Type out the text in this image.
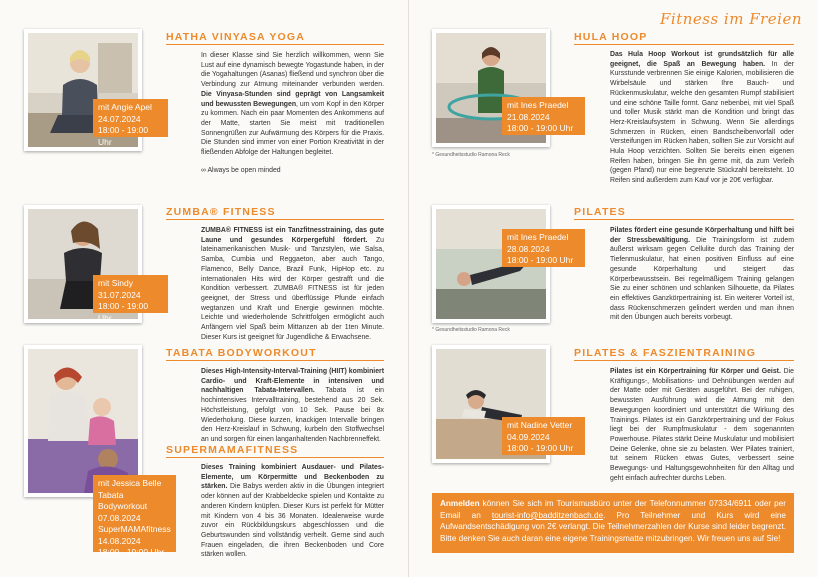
mit Angie Apel
24.07.2024
18:00 - 19:00 Uhr
HATHA VINYASA YOGA
In dieser Klasse sind Sie herzlich willkommen, wenn Sie Lust auf eine dynamisch bewegte Yogastunde haben, in der die Yogahaltungen (Asanas) fließend und synchron über die Verbindung zur Atmung miteinander verbunden werden. Die Vinyasa-Stunden sind geprägt von Langsamkeit und bewussten Bewegungen, um vom Kopf in den Körper zu kommen. Nach ein paar Momenten des Ankommens auf der Matte, starten Sie meist mit traditionellen Sonnengrüßen zur Aufwärmung des Körpers für die Praxis. Die Stunden sind immer von einer Portion Kreativität in der fließenden Abfolge der Haltungen begleitet.
∞ Always be open minded
mit Sindy
31.07.2024
18:00 - 19:00 Uhr
ZUMBA® FITNESS
ZUMBA® FITNESS ist ein Tanzfitnesstraining, das gute Laune und gesundes Körpergefühl fördert. Zu lateinamerikanischen Musik- und Tanzstylen, wie Salsa, Samba, Cumbia und Reggaeton, aber auch Tango, Flamenco, Belly Dance, Brazil Funk, HipHop etc. zu internationalen Hits wird der Körper gestrafft und die Kondition verbessert. ZUMBA® FITNESS ist für jeden geeignet, der Stress und überflüssige Pfunde einfach wegtanzen und Kraft und Energie gewinnen möchte. Leichte und wiederholende Schrittfolgen ermöglicht auch Anfängern viel Spaß beim Mittanzen ab der 1ten Minute. Dieser Kurs ist geeignet für Jugendliche & Erwachsene.
mit Jessica Belle
Tabata Bodyworkout
07.08.2024
SuperMAMAfitness
14.08.2024
18:00 - 19:00 Uhr
TABATA BODYWORKOUT
Dieses High-Intensity-Interval-Training (HIIT) kombiniert Cardio- und Kraft-Elemente in intensiven und nachhaltigen Tabata-Intervallen. Tabata ist ein hochintensives Intervalltraining, bestehend aus 20 Sek. Höchstleistung, gefolgt von 10 Sek. Pause bei 8x Wiederholung. Diese kurzen, knackigen Intervalle bringen den Herz-Kreislauf in Schwung, kurbeln den Stoffwechsel an und sorgen für einen langanhaltenden Nachbrenneffekt.
SUPERMAMAFITNESS
Dieses Training kombiniert Ausdauer- und Pilates-Elemente, um Körpermitte und Beckenboden zu stärken. Die Babys werden aktiv in die Übungen integriert oder können auf der Krabbeldecke spielen und Kontakte zu anderen Kindern knüpfen. Dieser Kurs ist perfekt für Mütter mit Kindern von 4 bis 36 Monaten. Idealerweise wurde zuvor ein Rückbildungskurs abgeschlossen und die Geburtswunden sind vollständig verheilt. Gerne sind auch Frauen eingeladen, die ihren Beckenboden und Core stärken wollen.
Fitness im Freien
mit Ines Praedel
21.08.2024
18:00 - 19:00 Uhr
* Gesundheitsstudio Ramona Reck
HULA HOOP
Das Hula Hoop Workout ist grundsätzlich für alle geeignet, die Spaß an Bewegung haben. In der Kursstunde verbrennen Sie einige Kalorien, mobilisieren die Wirbelsäule und stärken Ihre Bauch- und Rückenmuskulatur, welche den gesamten Rumpf stabilisiert und eine schöne Taille formt. Ganz nebenbei, mit viel Spaß und toller Musik stärkt man die Kondition und bringt das Herz-Kreislaufsystem in Schwung. Wenn Sie allerdings Schmerzen in Rücken, einen Bandscheibenvorfall oder Versteifungen im Rücken haben, sollten Sie zur Vorsicht auf Hula Hoop verzichten. Sollten Sie bereits einen eigenen Reifen haben, bringen Sie ihn gerne mit, da zum Verleih (gegen Pfand) nur eine begrenzte Stückzahl bereitsteht. 10 Reifen sind außerdem zum Kauf vor je 20€ verfügbar.
mit Ines Praedel
28.08.2024
18:00 - 19:00 Uhr
* Gesundheitsstudio Ramona Reck
PILATES
Pilates fördert eine gesunde Körperhaltung und hilft bei der Stressbewältigung. Die Trainingsform ist zudem äußerst wirksam gegen Cellulite durch das Training der Tiefenmuskulatur, hat einen positiven Einfluss auf eine gesunde Körperhaltung und steigert das Körperbewusstsein. Bei regelmäßigem Training gelangen Sie zu einer schönen und schlanken Silhouette, da Pilates ein effektives Ganzkörpertraining ist. Ein weiterer Vorteil ist, dass Rückenschmerzen gelindert werden und man ihnen mit den Übungen auch bereits vorbeugt.
mit Nadine Vetter
04.09.2024
18:00 - 19:00 Uhr
PILATES & FASZIENTRAINING
Pilates ist ein Körpertraining für Körper und Geist. Die Kräftigungs-, Mobilisations- und Dehnübungen werden auf der Matte oder mit Geräten ausgeführt. Bei der ruhigen, bewussten Ausführung wird die Atmung mit den Bewegungen koordiniert und unterstützt die Wirkung des Trainings. Pilates ist ein Ganzkörpertraining und der Fokus liegt bei der Rumpfmuskulatur - dem sogenannten Powerhouse. Pilates stärkt Deine Muskulatur und mobilisiert Deine Gelenke, ohne sie zu belasten. Wer Pilates trainiert, tut seinem Rücken etwas Gutes, verbessert seine Bewegungs- und Haltungsgewohnheiten für den Alltag und geht einfach aufrechter durchs Leben.
Anmelden können Sie sich im Tourismusbüro unter der Telefonnummer 07334/6911 oder per Email an tourist-info@badditzenbach.de. Pro Teilnehmer und Kurs wird eine Aufwandsentschädigung von 2€ verlangt. Die Teilnehmerzahlen der Kurse sind leider begrenzt. Bitte denken Sie auch daran eine eigene Trainingsmatte mitzubringen. Wir freuen uns auf Sie!
